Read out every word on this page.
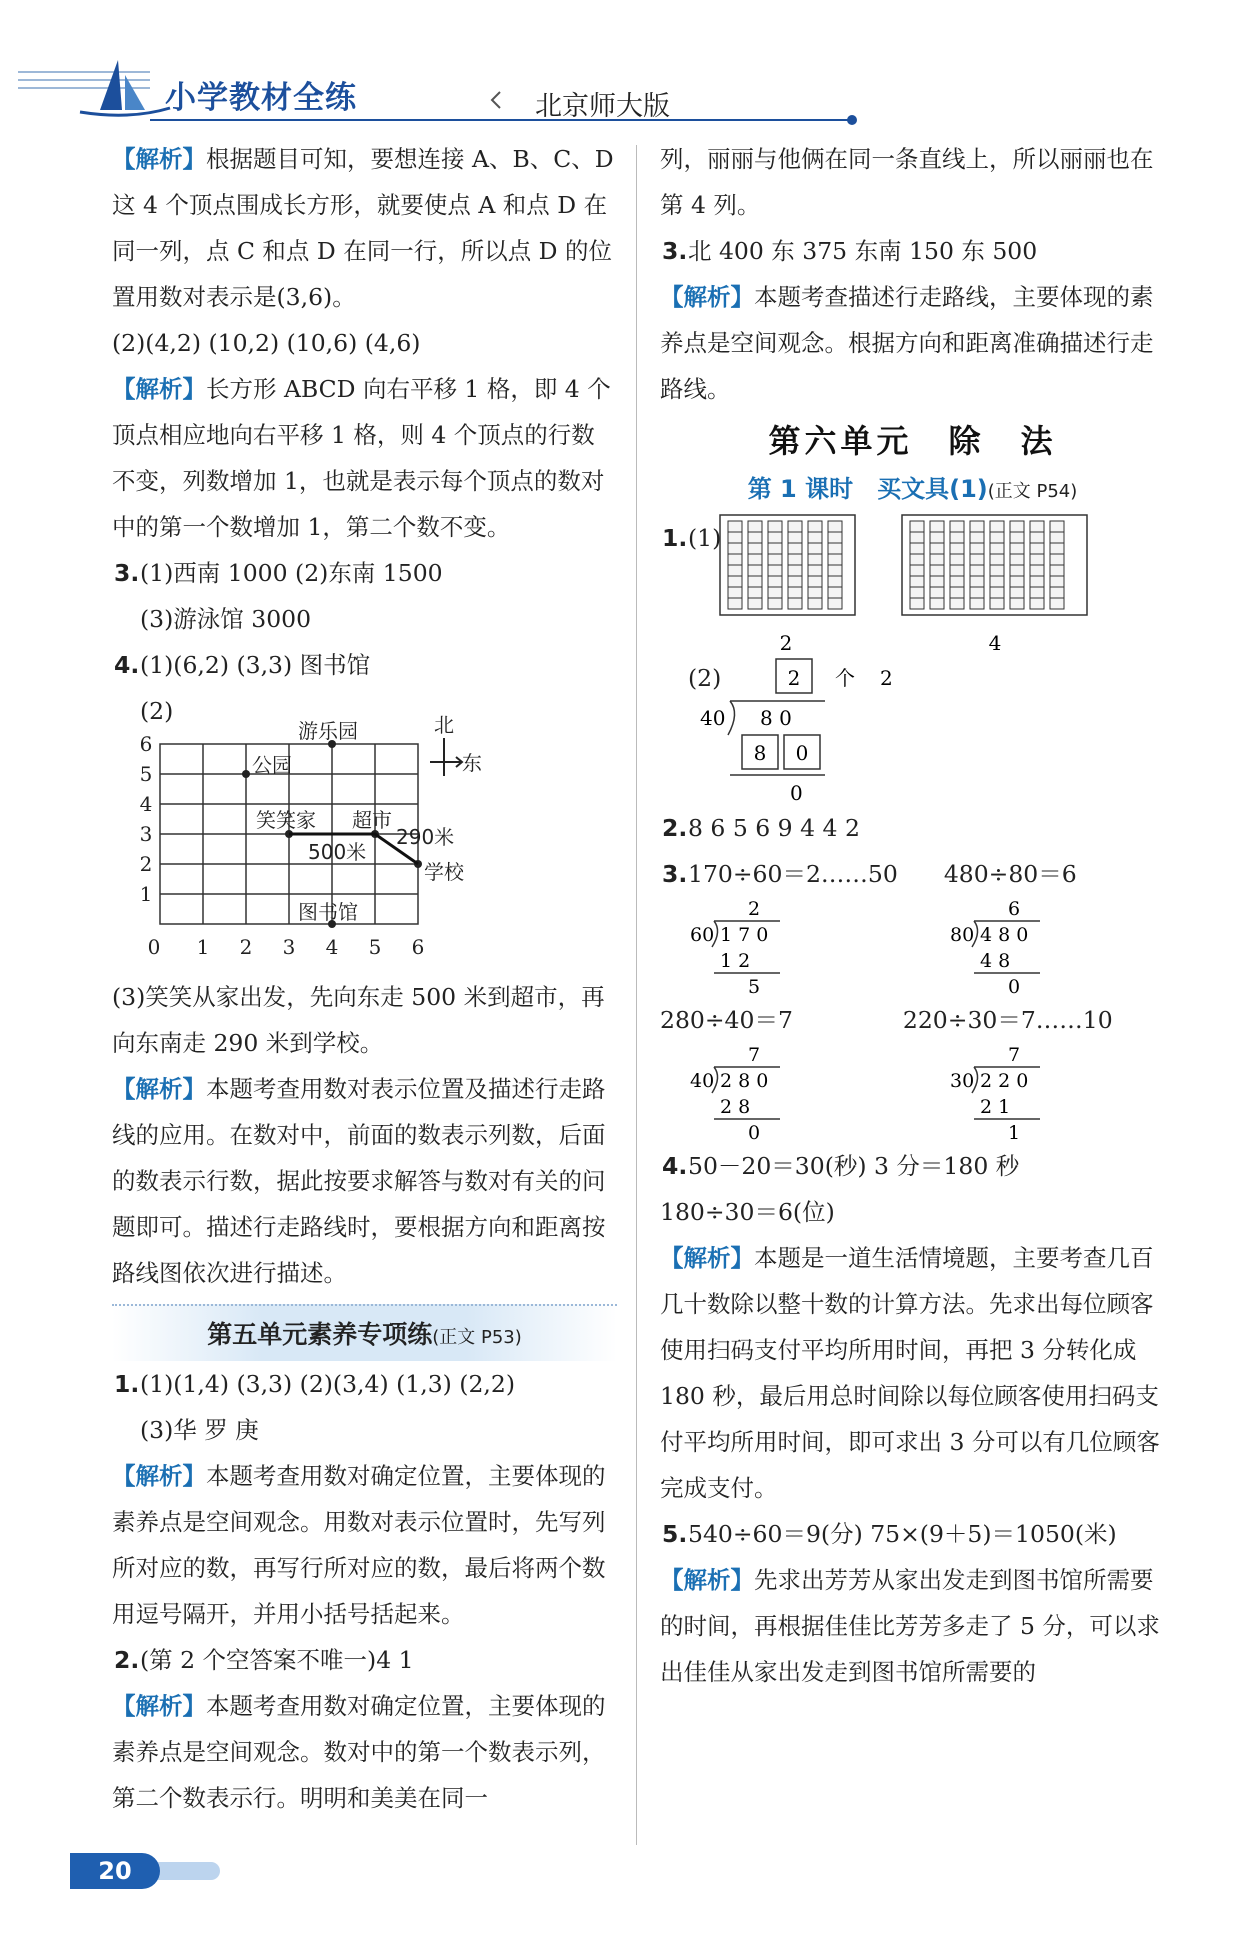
小学教材全练	北京师大版

【解析】根据题目可知，要想连接 A、B、C、D 这 4 个顶点围成长方形，就要使点 A 和点 D 在同一列，点 C 和点 D 在同一行，所以点 D 的位置用数对表示是(3,6)。

(2)(4,2) (10,2) (10,6) (4,6)

【解析】长方形 ABCD 向右平移 1 格，即 4 个顶点相应地向右平移 1 格，则 4 个顶点的行数不变，列数增加 1，也就是表示每个顶点的数对中的第一个数增加 1，第二个数不变。

3.(1)西南 1000 (2)东南 1500

(3)游泳馆 3000

4.(1)(6,2) (3,3) 图书馆

(2)

0 1 2 3 4 5 6
1
2
3
4
5
6
游乐园
公园
笑笑家 超市
500米
290米
学校
图书馆
北
东

(3)笑笑从家出发，先向东走 500 米到超市，再向东南走 290 米到学校。

【解析】本题考查用数对表示位置及描述行走路线的应用。在数对中，前面的数表示列数，后面的数表示行数，据此按要求解答与数对有关的问题即可。描述行走路线时，要根据方向和距离按路线图依次进行描述。

第五单元素养专项练(正文 P53)

1.(1)(1,4) (3,3) (2)(3,4) (1,3) (2,2)

(3)华 罗 庚

【解析】本题考查用数对确定位置，主要体现的素养点是空间观念。用数对表示位置时，先写列所对应的数，再写行所对应的数，最后将两个数用逗号隔开，并用小括号括起来。

2.(第 2 个空答案不唯一)4 1

【解析】本题考查用数对确定位置，主要体现的素养点是空间观念。数对中的第一个数表示列，第二个数表示行。明明和美美在同一

列，丽丽与他俩在同一条直线上，所以丽丽也在第 4 列。

3.北 400 东 375 东南 150 东 500

【解析】本题考查描述行走路线，主要体现的素养点是空间观念。根据方向和距离准确描述行走路线。

第六单元　除　法
第 1 课时　买文具(1)(正文 P54)

1.(1)

2	4

(2)	2 个 2
40 8 0
8 0
0

2.8 6 5 6 9 4 4 2

3.170÷60＝2……50 480÷80＝6

2
60 1 7 0
1 2
5
6
80 4 8 0
4 8
0

280÷40＝7	220÷30＝7……10

7
40 2 8 0
2 8
0
7
30 2 2 0
2 1
1

4.50－20＝30(秒) 3 分＝180 秒

180÷30＝6(位)

【解析】本题是一道生活情境题，主要考查几百几十数除以整十数的计算方法。先求出每位顾客使用扫码支付平均所用时间，再把 3 分转化成 180 秒，最后用总时间除以每位顾客使用扫码支付平均所用时间，即可求出 3 分可以有几位顾客完成支付。

5.540÷60＝9(分) 75×(9＋5)＝1050(米)

【解析】先求出芳芳从家出发走到图书馆所需要的时间，再根据佳佳比芳芳多走了 5 分，可以求出佳佳从家出发走到图书馆所需要的

20
